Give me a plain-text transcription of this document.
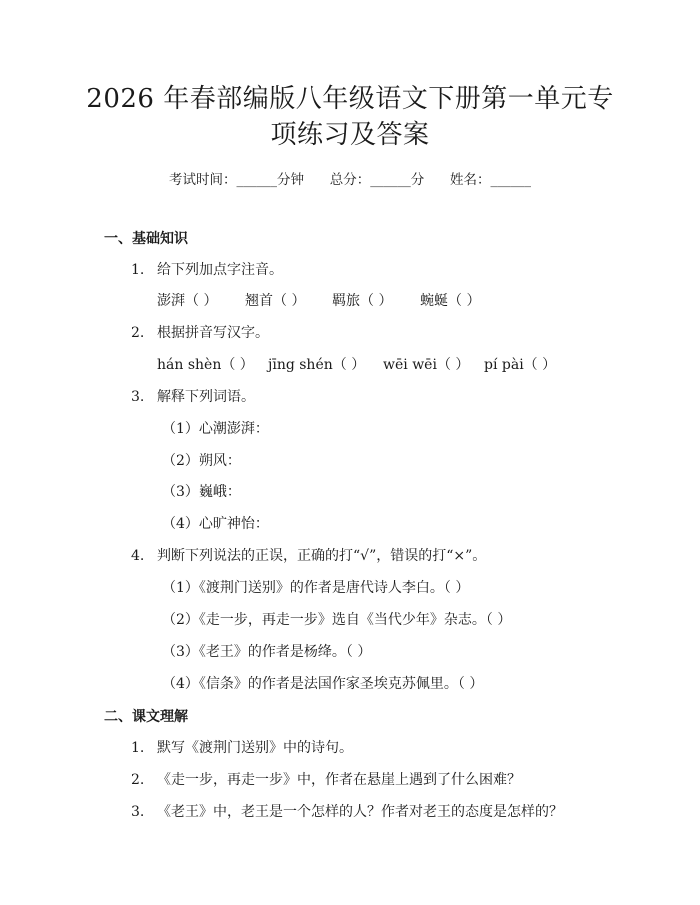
2026 年春部编版八年级语文下册第一单元专
项练习及答案
考试时间：______分钟 总分：______分 姓名：______
一、基础知识
1. 给下列加点字注音。
澎湃（ ）	翘首（ ）	羁旅（ ）	蜿蜒（ ）
2. 根据拼音写汉字。
hán shèn（ ）	jīng shén（ ）	wēi wēi（ ）	pí pài（ ）
3. 解释下列词语。
（1）心潮澎湃：
（2）朔风：
（3）巍峨：
（4）心旷神怡：
4. 判断下列说法的正误，正确的打“√”，错误的打“×”。
（1）《渡荆门送别》的作者是唐代诗人李白。（ ）
（2）《走一步，再走一步》选自《当代少年》杂志。（ ）
（3）《老王》的作者是杨绛。（ ）
（4）《信条》的作者是法国作家圣埃克苏佩里。（ ）
二、课文理解
1. 默写《渡荆门送别》中的诗句。
2. 《走一步，再走一步》中，作者在悬崖上遇到了什么困难？
3. 《老王》中，老王是一个怎样的人？作者对老王的态度是怎样的？
